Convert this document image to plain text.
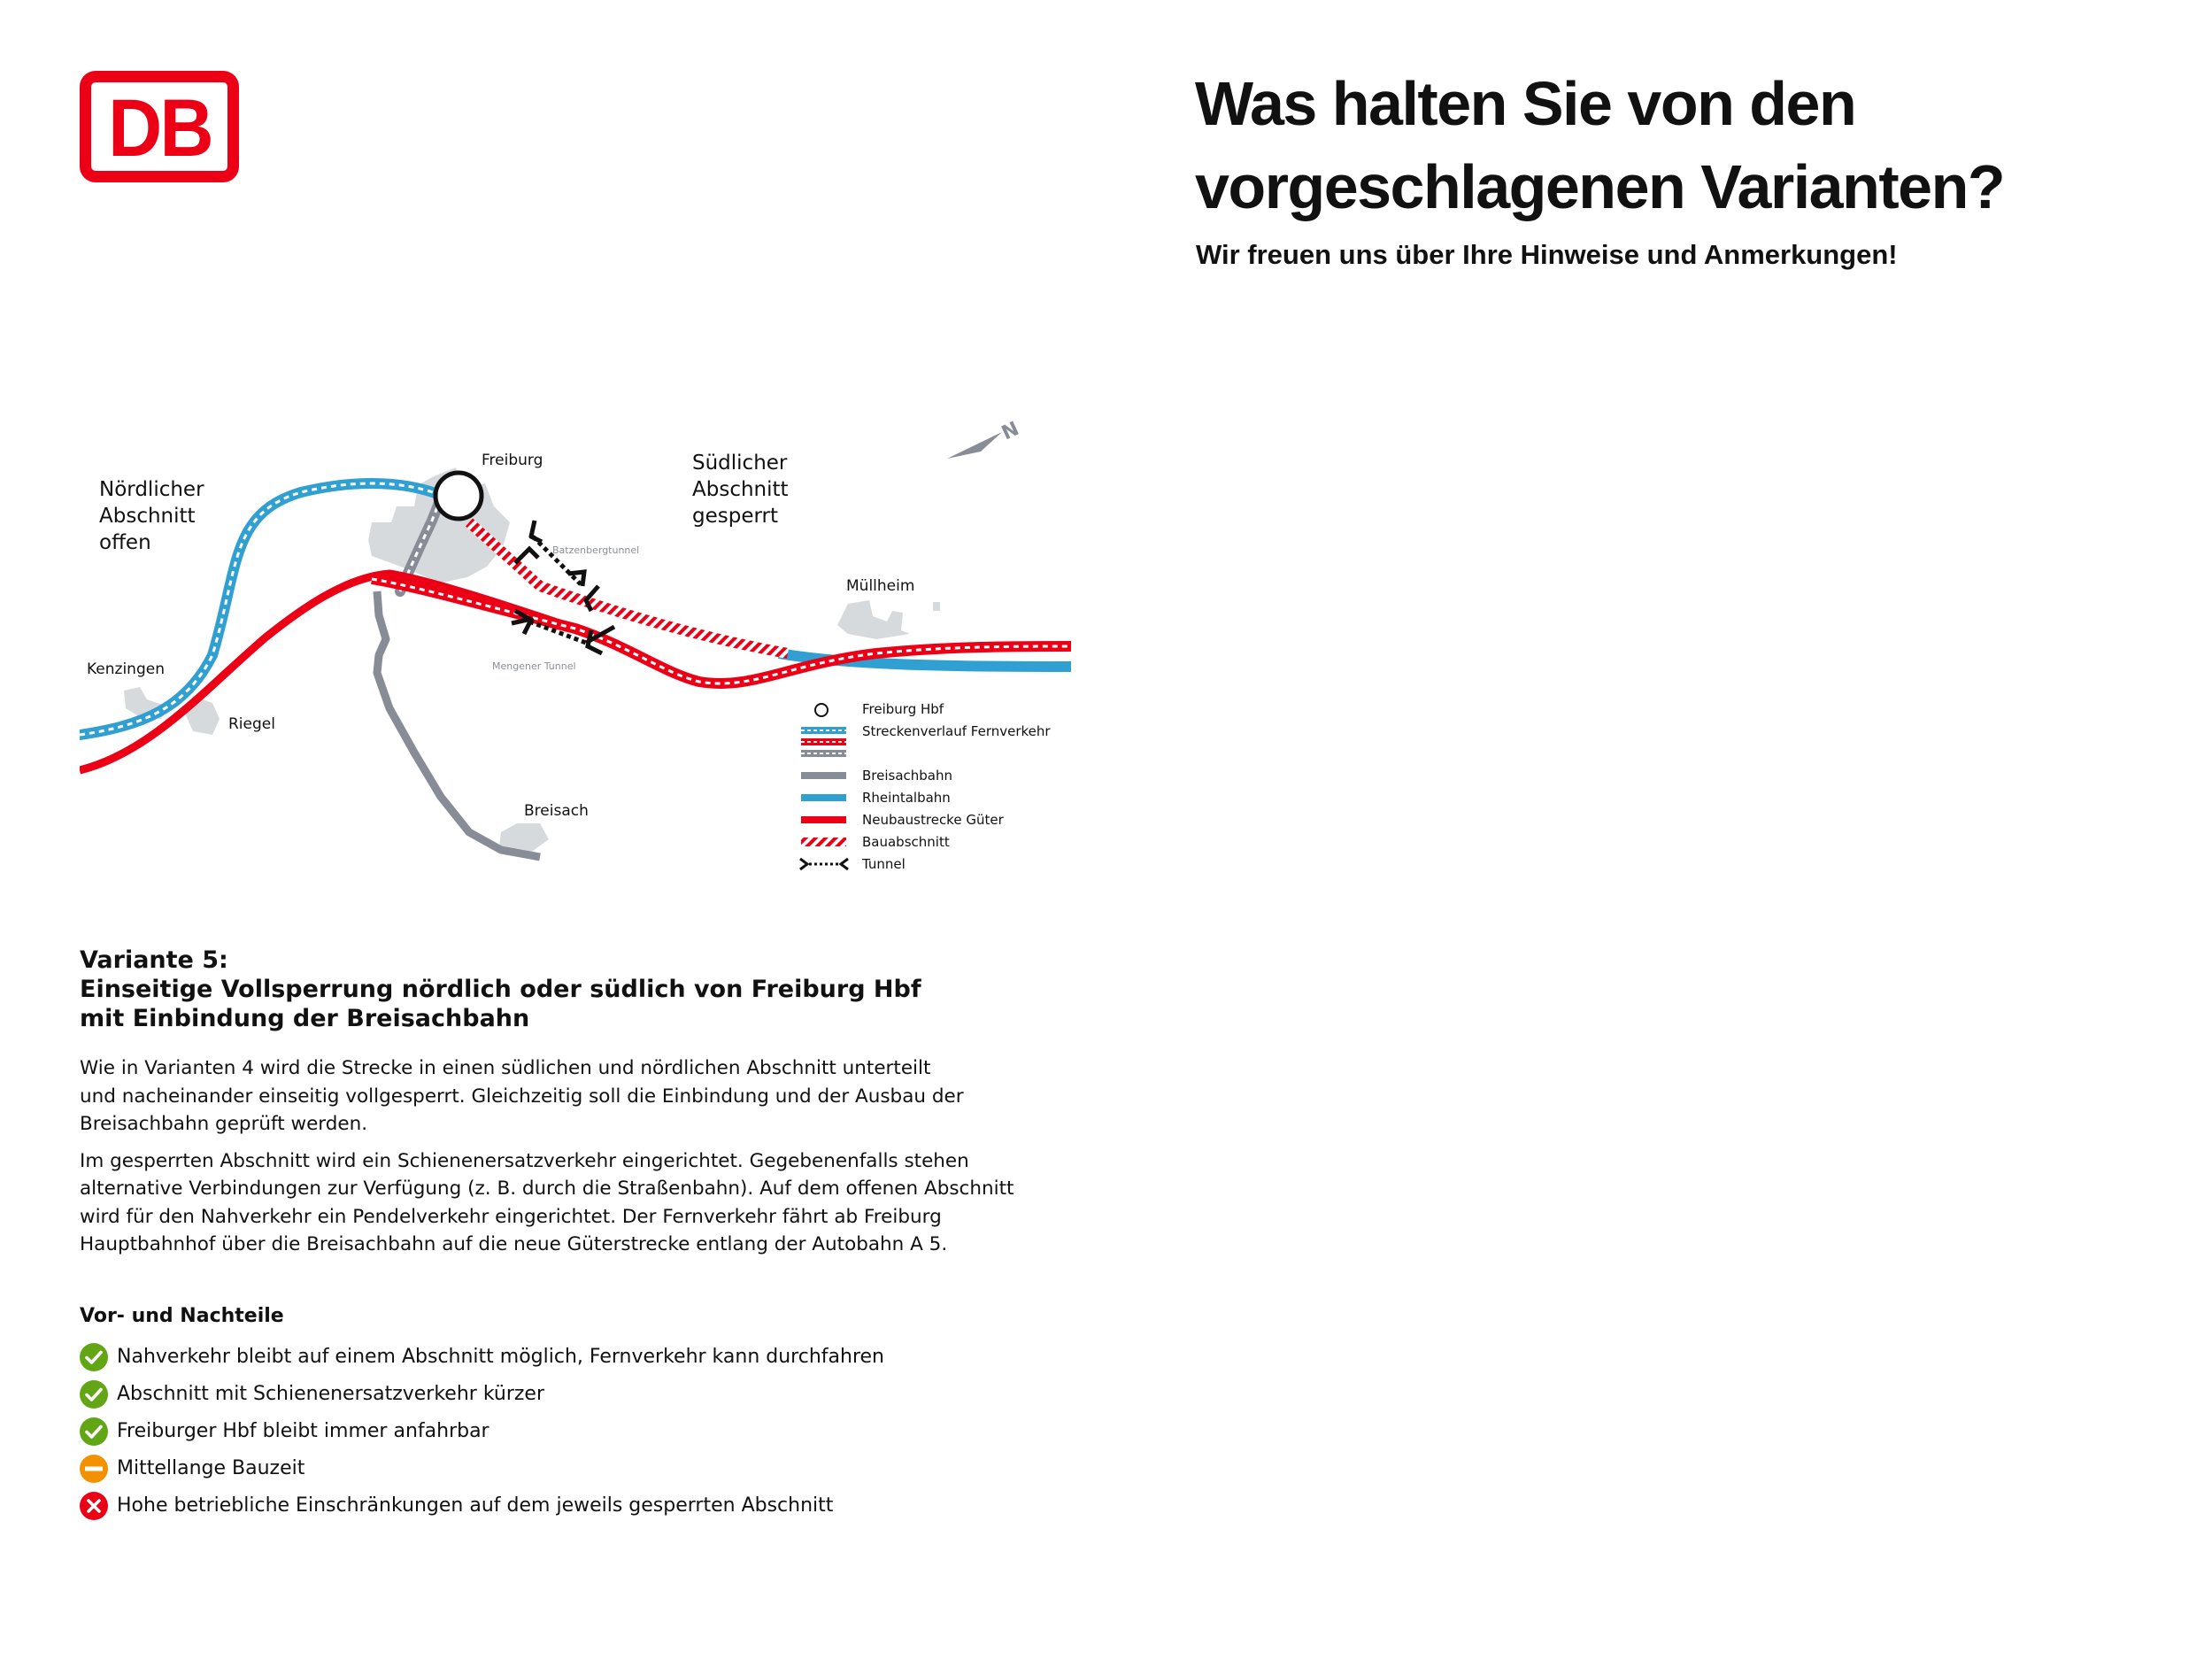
DB	Was halten Sie von den
vorgeschlagenen Varianten?

Wir freuen uns über Ihre Hinweise und Anmerkungen!

N
Nördlicher
Abschnitt
offen
Südlicher
Abschnitt
gesperrt
Freiburg
Müllheim
Kenzingen
Riegel
Breisach
Batzenbergtunnel
Mengener Tunnel
Freiburg Hbf
Streckenverlauf Fernverkehr
Breisachbahn
Rheintalbahn
Neubaustrecke Güter
Bauabschnitt
Tunnel
Variante 5:
Einseitige Vollsperrung nördlich oder südlich von Freiburg Hbf
mit Einbindung der Breisachbahn

Wie in Varianten 4 wird die Strecke in einen südlichen und nördlichen Abschnitt unterteilt
und nacheinander einseitig vollgesperrt. Gleichzeitig soll die Einbindung und der Ausbau der
Breisachbahn geprüft werden.

Im gesperrten Abschnitt wird ein Schienenersatzverkehr eingerichtet. Gegebenenfalls stehen
alternative Verbindungen zur Verfügung (z. B. durch die Straßenbahn). Auf dem offenen Abschnitt
wird für den Nahverkehr ein Pendelverkehr eingerichtet. Der Fernverkehr fährt ab Freiburg
Hauptbahnhof über die Breisachbahn auf die neue Güterstrecke entlang der Autobahn A 5.

Vor- und Nachteile
Nahverkehr bleibt auf einem Abschnitt möglich, Fernverkehr kann durchfahren
Abschnitt mit Schienenersatzverkehr kürzer
Freiburger Hbf bleibt immer anfahrbar
Mittellange Bauzeit
Hohe betriebliche Einschränkungen auf dem jeweils gesperrten Abschnitt
